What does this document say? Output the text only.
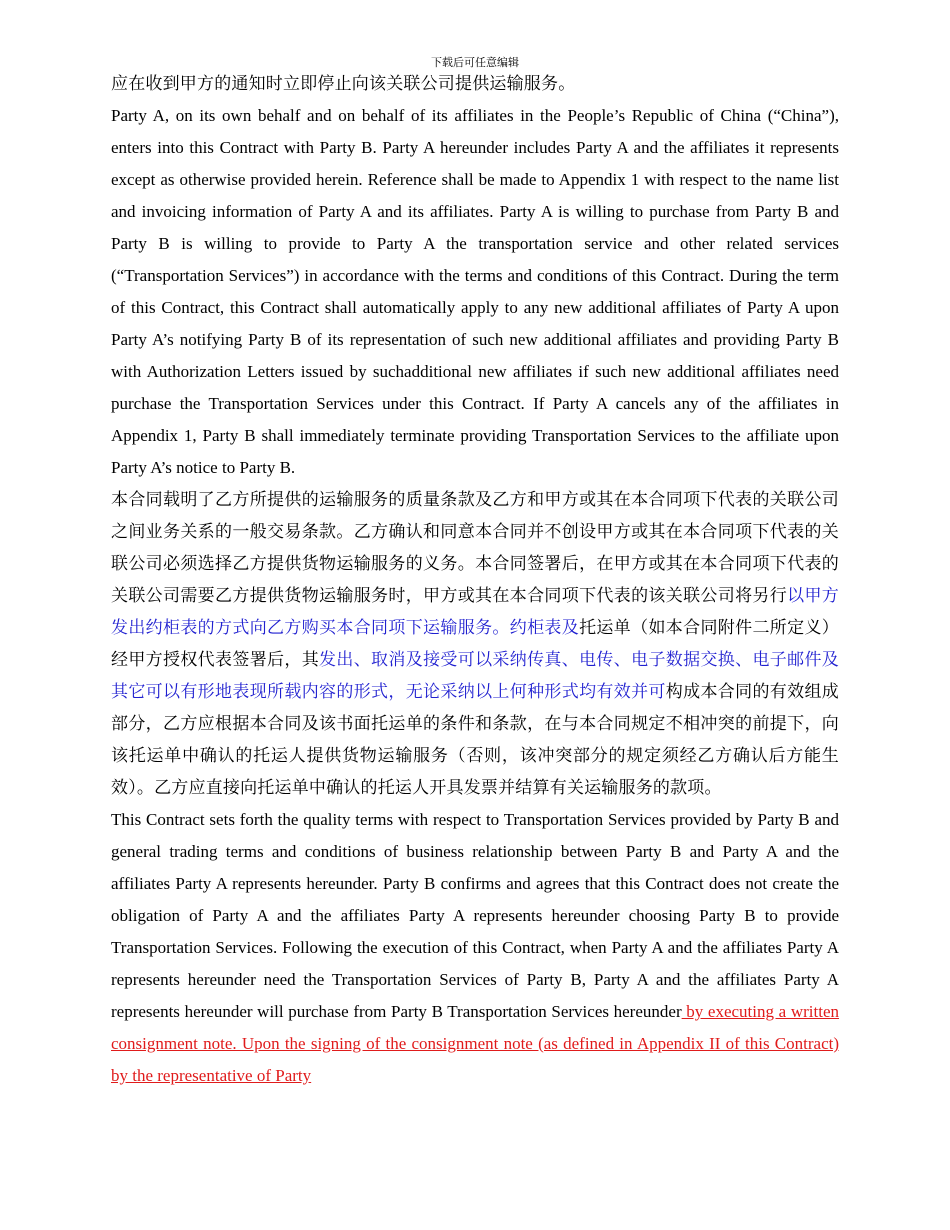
下载后可任意编辑

应在收到甲方的通知时立即停止向该关联公司提供运输服务。

Party A, on its own behalf and on behalf of its affiliates in the People’s Republic of China (“China”), enters into this Contract with Party B. Party A hereunder includes Party A and the affiliates it represents except as otherwise provided herein. Reference shall be made to Appendix 1 with respect to the name list and invoicing information of Party A and its affiliates. Party A is willing to purchase from Party B and Party B is willing to provide to Party A the transportation service and other related services (“Transportation Services”) in accordance with the terms and conditions of this Contract. During the term of this Contract, this Contract shall automatically apply to any new additional affiliates of Party A upon Party A’s notifying Party B of its representation of such new additional affiliates and providing Party B with Authorization Letters issued by suchadditional new affiliates if such new additional affiliates need purchase the Transportation Services under this Contract. If Party A cancels any of the affiliates in Appendix 1, Party B shall immediately terminate providing Transportation Services to the affiliate upon Party A’s notice to Party B.

本合同载明了乙方所提供的运输服务的质量条款及乙方和甲方或其在本合同项下代表的关联公司之间业务关系的一般交易条款。乙方确认和同意本合同并不创设甲方或其在本合同项下代表的关联公司必须选择乙方提供货物运输服务的义务。本合同签署后，在甲方或其在本合同项下代表的关联公司需要乙方提供货物运输服务时，甲方或其在本合同项下代表的该关联公司将另行以甲方发出约柜表的方式向乙方购买本合同项下运输服务。约柜表及托运单（如本合同附件二所定义）经甲方授权代表签署后，其发出、取消及接受可以采纳传真、电传、电子数据交换、电子邮件及其它可以有形地表现所载内容的形式，无论采纳以上何种形式均有效并可构成本合同的有效组成部分，乙方应根据本合同及该书面托运单的条件和条款，在与本合同规定不相冲突的前提下，向该托运单中确认的托运人提供货物运输服务（否则，该冲突部分的规定须经乙方确认后方能生效）。乙方应直接向托运单中确认的托运人开具发票并结算有关运输服务的款项。

This Contract sets forth the quality terms with respect to Transportation Services provided by Party B and general trading terms and conditions of business relationship between Party B and Party A and the affiliates Party A represents hereunder. Party B confirms and agrees that this Contract does not create the obligation of Party A and the affiliates Party A represents hereunder choosing Party B to provide Transportation Services. Following the execution of this Contract, when Party A and the affiliates Party A represents hereunder need the Transportation Services of Party B, Party A and the affiliates Party A represents hereunder will purchase from Party B Transportation Services hereunder by executing a written consignment note. Upon the signing of the consignment note (as defined in Appendix II of this Contract) by the representative of Party
